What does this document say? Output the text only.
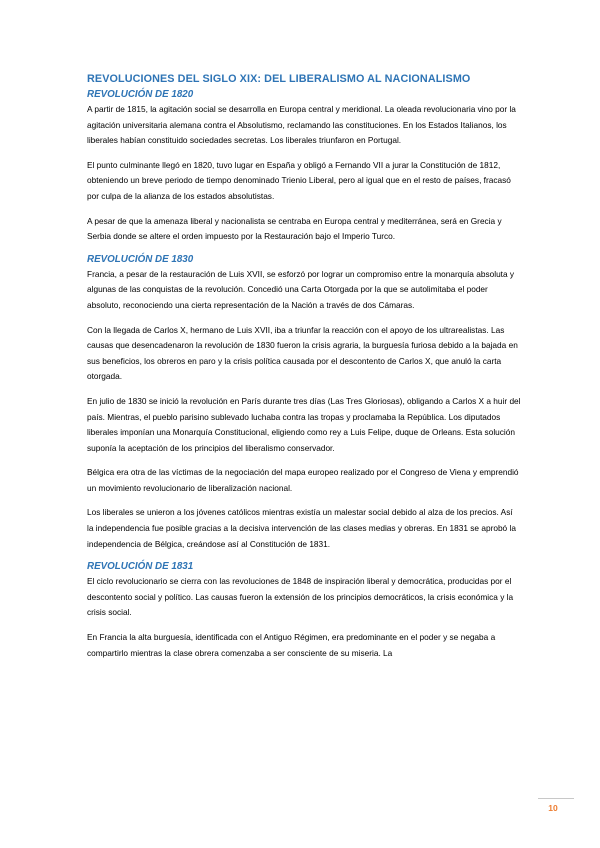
REVOLUCIONES DEL SIGLO XIX: DEL LIBERALISMO AL NACIONALISMO
REVOLUCIÓN DE 1820

A partir de 1815, la agitación social se desarrolla en Europa central y meridional. La oleada revolucionaria vino por la agitación universitaria alemana contra el Absolutismo, reclamando las constituciones. En los Estados Italianos, los liberales habían constituido sociedades secretas. Los liberales triunfaron en Portugal.

El punto culminante llegó en 1820, tuvo lugar en España y obligó a Fernando VII a jurar la Constitución de 1812, obteniendo un breve periodo de tiempo denominado Trienio Liberal, pero al igual que en el resto de países, fracasó por culpa de la alianza de los estados absolutistas.

A pesar de que la amenaza liberal y nacionalista se centraba en Europa central y mediterránea, será en Grecia y Serbia donde se altere el orden impuesto por la Restauración bajo el Imperio Turco.

REVOLUCIÓN DE 1830

Francia, a pesar de la restauración de Luis XVII, se esforzó por lograr un compromiso entre la monarquía absoluta y algunas de las conquistas de la revolución. Concedió una Carta Otorgada por la que se autolimitaba el poder absoluto, reconociendo una cierta representación de la Nación a través de dos Cámaras.

Con la llegada de Carlos X, hermano de Luis XVII, iba a triunfar la reacción con el apoyo de los ultrarealistas. Las causas que desencadenaron la revolución de 1830 fueron la crisis agraria, la burguesía furiosa debido a la bajada en sus beneficios, los obreros en paro y la crisis política causada por el descontento de Carlos X, que anuló la carta otorgada.

En julio de 1830 se inició la revolución en París durante tres días (Las Tres Gloriosas), obligando a Carlos X a huir del país. Mientras, el pueblo parisino sublevado luchaba contra las tropas y proclamaba la República. Los diputados liberales imponían una Monarquía Constitucional, eligiendo como rey a Luis Felipe, duque de Orleans. Esta solución suponía la aceptación de los principios del liberalismo conservador.

Bélgica era otra de las víctimas de la negociación del mapa europeo realizado por el Congreso de Viena y emprendió un movimiento revolucionario de liberalización nacional.

Los liberales se unieron a los jóvenes católicos mientras existía un malestar social debido al alza de los precios. Así la independencia fue posible gracias a la decisiva intervención de las clases medias y obreras. En 1831 se aprobó la independencia de Bélgica, creándose así al Constitución de 1831.

REVOLUCIÓN DE 1831

El ciclo revolucionario se cierra con las revoluciones de 1848 de inspiración liberal y democrática, producidas por el descontento social y político. Las causas fueron la extensión de los principios democráticos, la crisis económica y la crisis social.

En Francia la alta burguesía, identificada con el Antiguo Régimen, era predominante en el poder y se negaba a compartirlo mientras la clase obrera comenzaba a ser consciente de su miseria. La

10
